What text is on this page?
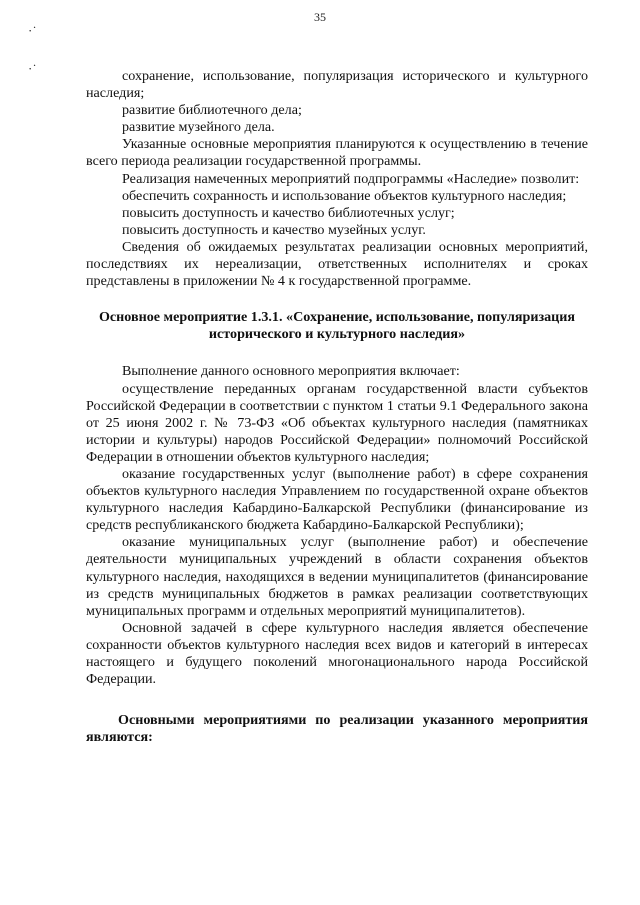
35
·˙
·˙	сохранение, использование, популяризация исторического и культурного наследия;

развитие библиотечного дела;

развитие музейного дела.

Указанные основные мероприятия планируются к осуществлению в течение всего периода реализации государственной программы.

Реализация намеченных мероприятий подпрограммы «Наследие» позволит:

обеспечить сохранность и использование объектов культурного наследия;

повысить доступность и качество библиотечных услуг;

повысить доступность и качество музейных услуг.

Сведения об ожидаемых результатах реализации основных мероприятий, последствиях их нереализации, ответственных исполнителях и сроках представлены в приложении № 4 к государственной программе.

Основное мероприятие 1.3.1. «Сохранение, использование, популяризация исторического и культурного наследия»

Выполнение данного основного мероприятия включает:

осуществление переданных органам государственной власти субъектов Российской Федерации в соответствии с пунктом 1 статьи 9.1 Федерального закона от 25 июня 2002 г. № 73-ФЗ «Об объектах культурного наследия (памятниках истории и культуры) народов Российской Федерации» полномочий Российской Федерации в отношении объектов культурного наследия;

оказание государственных услуг (выполнение работ) в сфере сохранения объектов культурного наследия Управлением по государственной охране объектов культурного наследия Кабардино-Балкарской Республики (финансирование из средств республиканского бюджета Кабардино-Балкарской Республики);

оказание муниципальных услуг (выполнение работ) и обеспечение деятельности муниципальных учреждений в области сохранения объектов культурного наследия, находящихся в ведении муниципалитетов (финансирование из средств муниципальных бюджетов в рамках реализации соответствующих муниципальных программ и отдельных мероприятий муниципалитетов).

Основной задачей в сфере культурного наследия является обеспечение сохранности объектов культурного наследия всех видов и категорий в интересах настоящего и будущего поколений многонационального народа Российской Федерации.

Основными мероприятиями по реализации указанного мероприятия являются:
